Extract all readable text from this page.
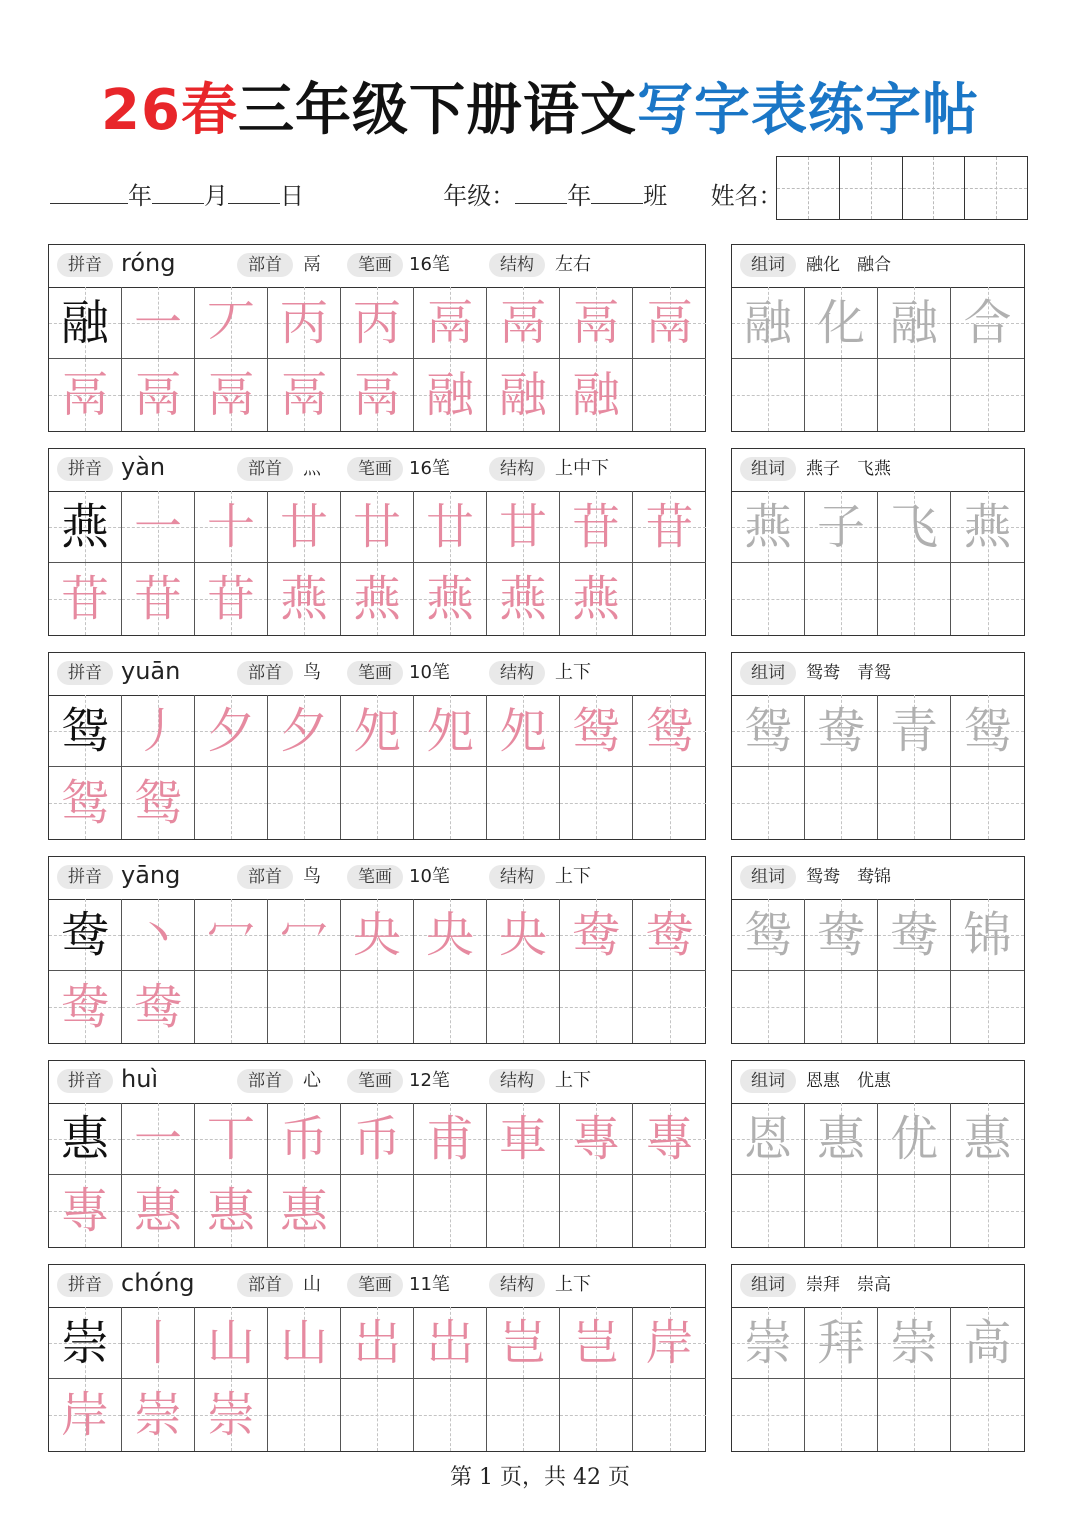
26春三年级下册语文写字表练字帖
年 月 日	年级： 年 班 姓名：
拼音 róng	部首	鬲	笔画 16笔	结构	左右
融 一 丆 丙 丙 鬲 鬲 鬲 鬲
鬲 鬲 鬲 鬲 鬲 融 融 融
组词	融化　融合
融 化 融 合
拼音 yàn	部首	灬	笔画 16笔	结构	上中下
燕 一 十 廿 廿 廿 甘 苷 苷
苷 苷 苷 燕 燕 燕 燕 燕
组词	燕子　飞燕
燕 子 飞 燕
拼音 yuān	部首	鸟	笔画 10笔	结构	上下
鸳 丿 夕 夕 夗 夗 夗 鸳 鸳
鸳 鸳
组词	鸳鸯　青鸳
鸳 鸯 青 鸳
拼音 yāng	部首	鸟	笔画 10笔	结构	上下
鸯 丶 冖 冖 央 央 央 鸯 鸯
鸯 鸯
组词	鸳鸯　鸯锦
鸳 鸯 鸯 锦
拼音 huì	部首	心	笔画 12笔	结构	上下
惠 一 丅 币 币 甫 車 專 專
專 惠 惠 惠
组词	恩惠　优惠
恩 惠 优 惠
拼音 chóng	部首	山	笔画 11笔	结构	上下
崇 丨 山 山 岀 岀 岂 岂 岸
岸 崇 崇
组词	崇拜　崇高
崇 拜 崇 高
第 1 页，共 42 页
